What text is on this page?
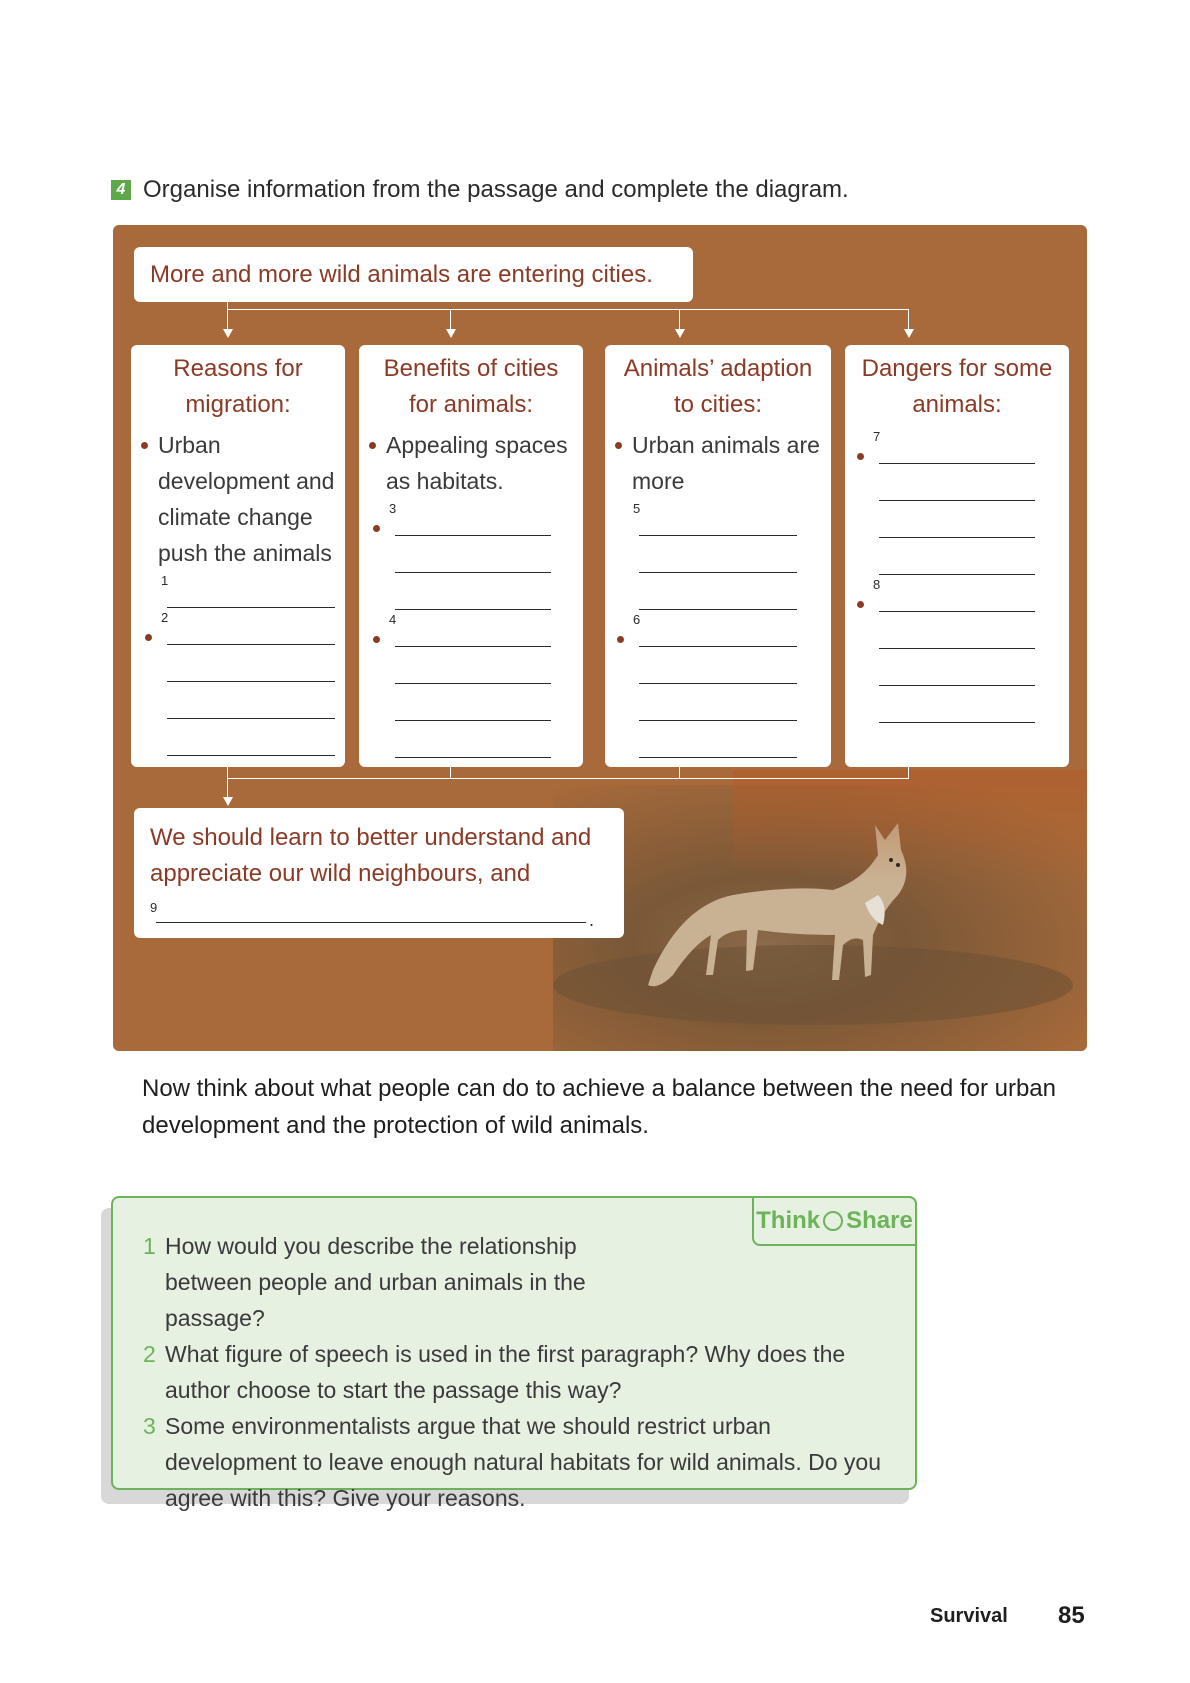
4 Organise information from the passage and complete the diagram.
More and more wild animals are entering cities.
Reasons for migration:
Urban development and climate change push the animals
1
2
Benefits of cities for animals:
Appealing spaces as habitats.
3
4
Animals’ adaption to cities:
Urban animals are more
5
6
Dangers for some animals:
7
8
We should learn to better understand and appreciate our wild neighbours, and
9
.
Now think about what people can do to achieve a balance between the need for urban development and the protection of wild animals.
Think Share
1 How would you describe the relationship between people and urban animals in the passage?
2 What figure of speech is used in the first paragraph? Why does the author choose to start the passage this way?
3 Some environmentalists argue that we should restrict urban development to leave enough natural habitats for wild animals. Do you agree with this? Give your reasons.
Survival 85
